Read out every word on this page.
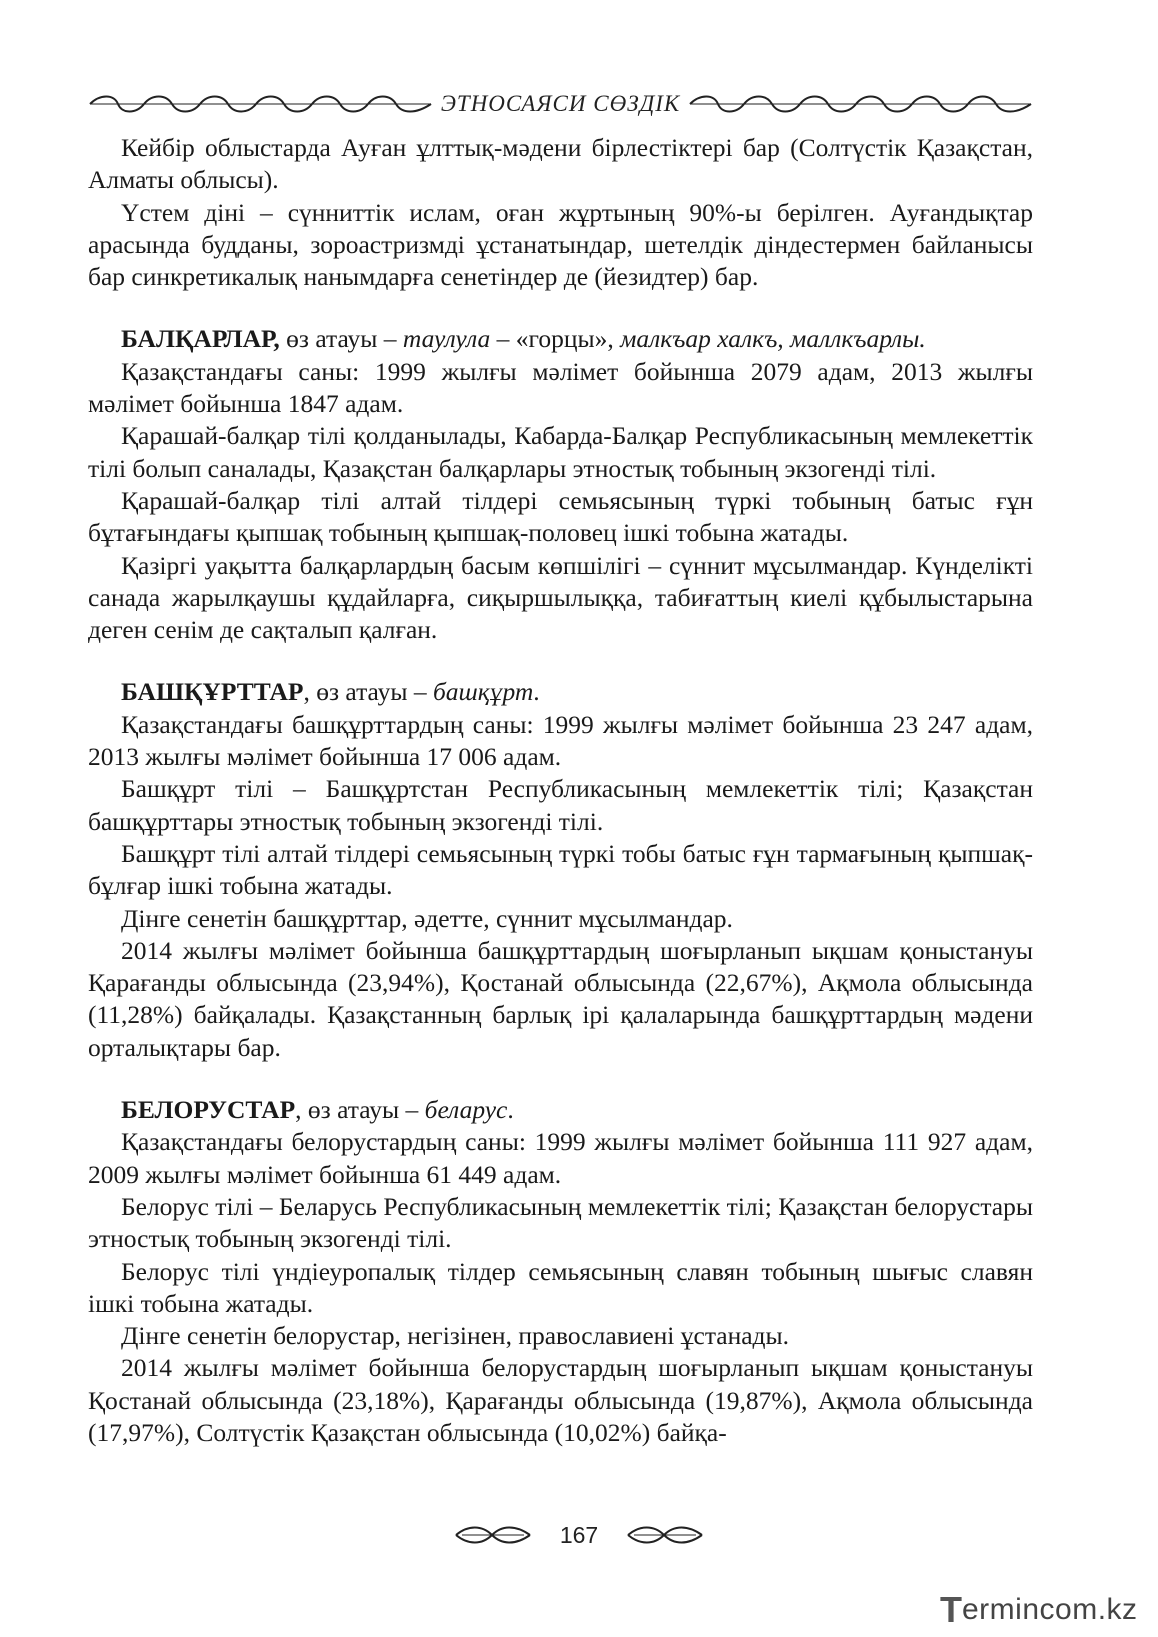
ЭТНОСАЯСИ СӨЗДІК

Кейбір облыстарда Ауған ұлттық-мәдени бірлестіктері бар (Солтүстік Қазақстан, Алматы облысы).

Үстем діні – сүнниттік ислам, оған жұртының 90%-ы берілген. Ауғандықтар арасында будданы, зороастризмді ұстанатындар, шетелдік діндестермен байланысы бар синкретикалық нанымдарға сенетіндер де (йезидтер) бар.

БАЛҚАРЛАР, өз атауы – таулула – «горцы», малкъар халкъ, маллкъарлы.

Қазақстандағы саны: 1999 жылғы мәлімет бойынша 2079 адам, 2013 жылғы мәлімет бойынша 1847 адам.

Қарашай-балқар тілі қолданылады, Кабарда-Балқар Республикасының мемлекеттік тілі болып саналады, Қазақстан балқарлары этностық тобының экзогенді тілі.

Қарашай-балқар тілі алтай тілдері семьясының түркі тобының батыс ғұн бұтағындағы қыпшақ тобының қыпшақ-половец ішкі тобына жатады.

Қазіргі уақытта балқарлардың басым көпшілігі – сүннит мұсылмандар. Күнделікті санада жарылқаушы құдайларға, сиқыршылыққа, табиғаттың киелі құбылыстарына деген сенім де сақталып қалған.

БАШҚҰРТТАР, өз атауы – башқұрт.

Қазақстандағы башқұрттардың саны: 1999 жылғы мәлімет бойынша 23 247 адам, 2013 жылғы мәлімет бойынша 17 006 адам.

Башқұрт тілі – Башқұртстан Республикасының мемлекеттік тілі; Қазақстан башқұрттары этностық тобының экзогенді тілі.

Башқұрт тілі алтай тілдері семьясының түркі тобы батыс ғұн тармағының қыпшақ-бұлғар ішкі тобына жатады.

Дінге сенетін башқұрттар, әдетте, сүннит мұсылмандар.

2014 жылғы мәлімет бойынша башқұрттардың шоғырланып ықшам қоныстануы Қарағанды облысында (23,94%), Қостанай облысында (22,67%), Ақмола облысында (11,28%) байқалады. Қазақстанның барлық ірі қалаларында башқұрттардың мәдени орталықтары бар.

БЕЛОРУСТАР, өз атауы – беларус.

Қазақстандағы белорустардың саны: 1999 жылғы мәлімет бойынша 111 927 адам, 2009 жылғы мәлімет бойынша 61 449 адам.

Белорус тілі – Беларусь Республикасының мемлекеттік тілі; Қазақстан белорустары этностық тобының экзогенді тілі.

Белорус тілі үндіеуропалық тілдер семьясының славян тобының шығыс славян ішкі тобына жатады.

Дінге сенетін белорустар, негізінен, православиені ұстанады.

2014 жылғы мәлімет бойынша белорустардың шоғырланып ықшам қоныстануы Қостанай облысында (23,18%), Қарағанды облысында (19,87%), Ақмола облысында (17,97%), Солтүстік Қазақстан облысында (10,02%) байқа-

167
T ermincom.kz
